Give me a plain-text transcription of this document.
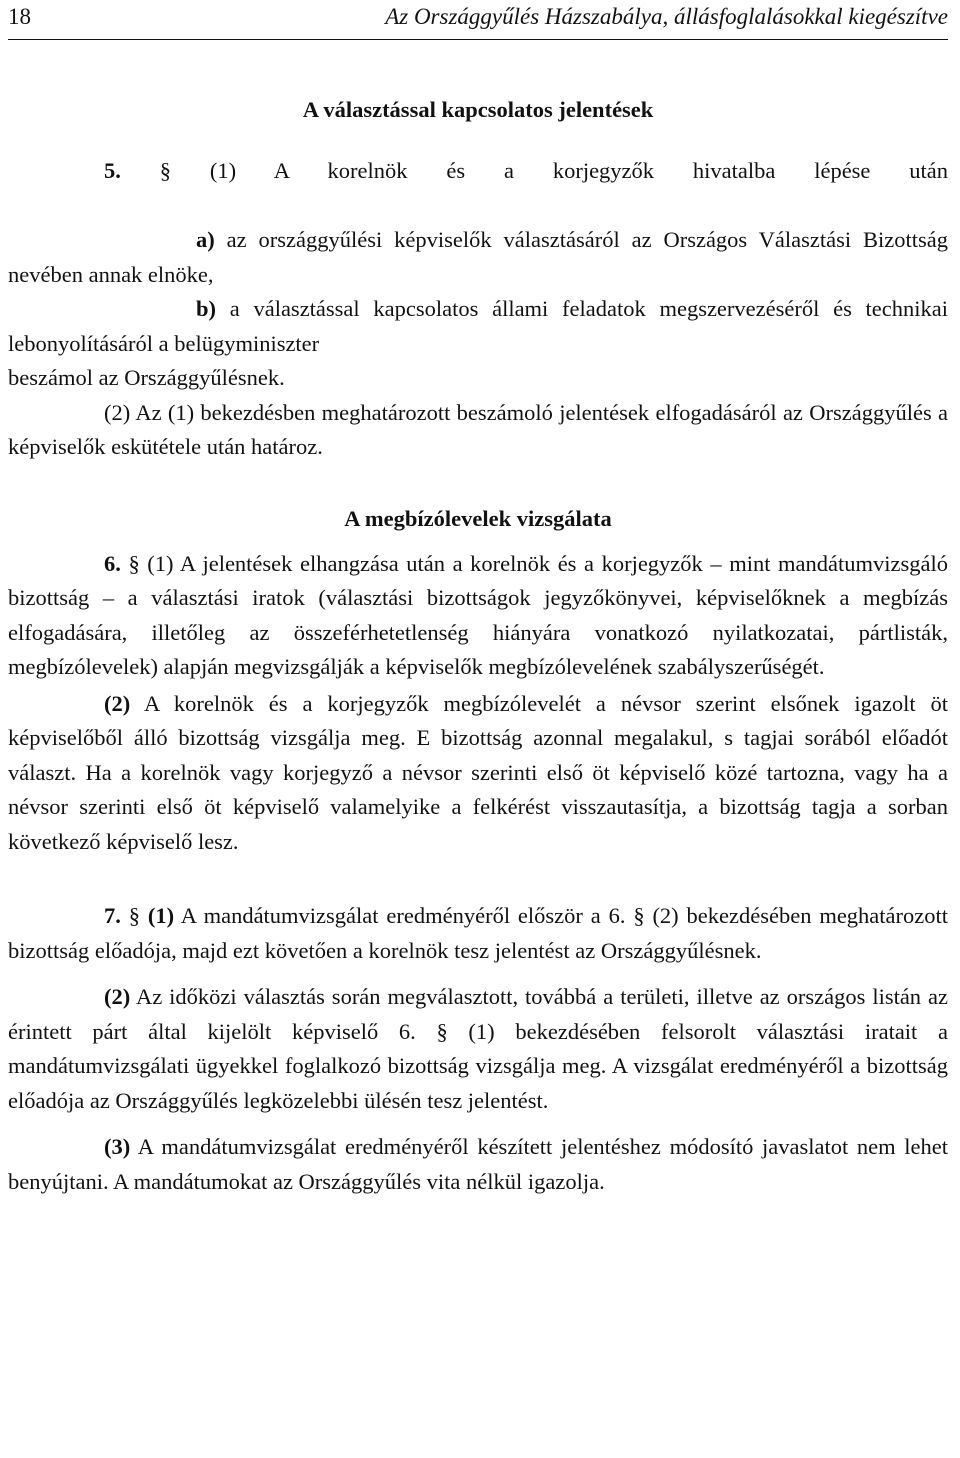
18	Az Országgyűlés Házszabálya, állásfoglalásokkal kiegészítve
A választással kapcsolatos jelentések

5. § (1) A korelnök és a korjegyzők hivatalba lépése után

a) az országgyűlési képviselők választásáról az Országos Választási Bizottság nevében annak elnöke,

b) a választással kapcsolatos állami feladatok megszervezéséről és technikai lebonyolításáról a belügyminiszter

beszámol az Országgyűlésnek.

(2) Az (1) bekezdésben meghatározott beszámoló jelentések elfogadásáról az Országgyűlés a képviselők eskütétele után határoz.

A megbízólevelek vizsgálata

6. § (1) A jelentések elhangzása után a korelnök és a korjegyzők – mint mandátumvizsgáló bizottság – a választási iratok (választási bizottságok jegyzőkönyvei, képviselőknek a megbízás elfogadására, illetőleg az összeférhetetlenség hiányára vonatkozó nyilatkozatai, pártlisták, megbízólevelek) alapján megvizsgálják a képviselők megbízólevelének szabályszerűségét.

(2) A korelnök és a korjegyzők megbízólevelét a névsor szerint elsőnek igazolt öt képviselőből álló bizottság vizsgálja meg. E bizottság azonnal megalakul, s tagjai sorából előadót választ. Ha a korelnök vagy korjegyző a névsor szerinti első öt képviselő közé tartozna, vagy ha a névsor szerinti első öt képviselő valamelyike a felkérést visszautasítja, a bizottság tagja a sorban következő képviselő lesz.

7. § (1) A mandátumvizsgálat eredményéről először a 6. § (2) bekezdésében meghatározott bizottság előadója, majd ezt követően a korelnök tesz jelentést az Országgyűlésnek.

(2) Az időközi választás során megválasztott, továbbá a területi, illetve az országos listán az érintett párt által kijelölt képviselő 6. § (1) bekezdésében felsorolt választási iratait a mandátumvizsgálati ügyekkel foglalkozó bizottság vizsgálja meg. A vizsgálat eredményéről a bizottság előadója az Országgyűlés legközelebbi ülésén tesz jelentést.

(3) A mandátumvizsgálat eredményéről készített jelentéshez módosító javaslatot nem lehet benyújtani. A mandátumokat az Országgyűlés vita nélkül igazolja.
